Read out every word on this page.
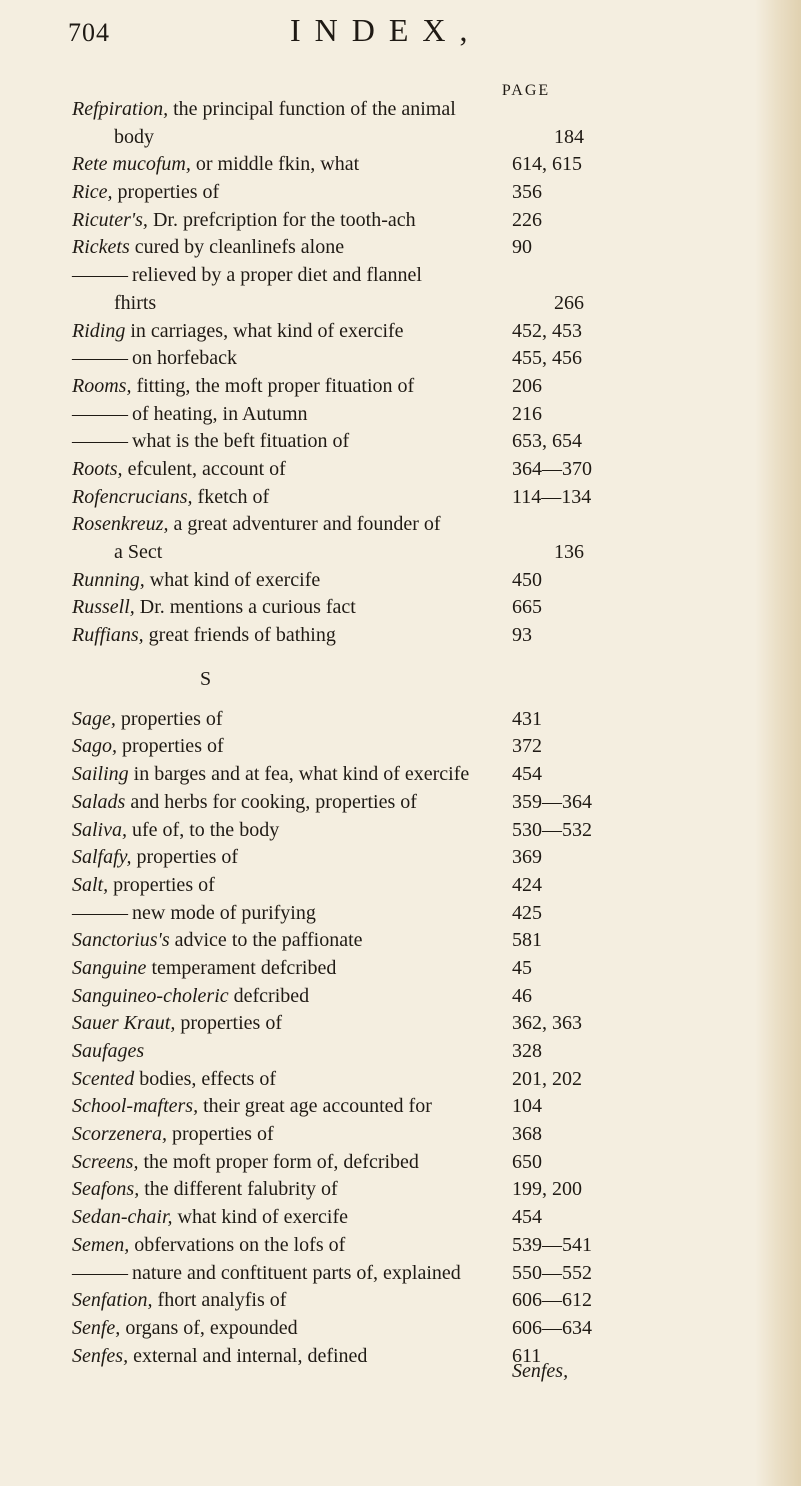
704	INDEX,
PAGE
Refpiration, the principal function of the animal
body	184
Rete mucofum, or middle fkin, what	614, 615
Rice, properties of	356
Ricuter's, Dr. prefcription for the tooth-ach	226
Rickets cured by cleanlinefs alone	90
——— relieved by a proper diet and flannel
fhirts	266
Riding in carriages, what kind of exercife	452, 453
——— on horfeback	455, 456
Rooms, fitting, the moft proper fituation of	206
——— of heating, in Autumn	216
——— what is the beft fituation of	653, 654
Roots, efculent, account of	364—370
Rofencrucians, fketch of	114—134
Rosenkreuz, a great adventurer and founder of
a Sect	136
Running, what kind of exercife	450
Russell, Dr. mentions a curious fact	665
Ruffians, great friends of bathing	93
S
Sage, properties of	431
Sago, properties of	372
Sailing in barges and at fea, what kind of exercife 454
Salads and herbs for cooking, properties of	359—364
Saliva, ufe of, to the body	530—532
Salfafy, properties of	369
Salt, properties of	424
——— new mode of purifying	425
Sanctorius's advice to the paffionate	581
Sanguine temperament defcribed	45
Sanguineo-choleric defcribed	46
Sauer Kraut, properties of	362, 363
Saufages	328
Scented bodies, effects of	201, 202
School-mafters, their great age accounted for	104
Scorzenera, properties of	368
Screens, the moft proper form of, defcribed	650
Seafons, the different falubrity of	199, 200
Sedan-chair, what kind of exercife	454
Semen, obfervations on the lofs of	539—541
——— nature and conftituent parts of, explained	550—552
Senfation, fhort analyfis of	606—612
Senfe, organs of, expounded	606—634
Senfes, external and internal, defined	611
Senfes,
